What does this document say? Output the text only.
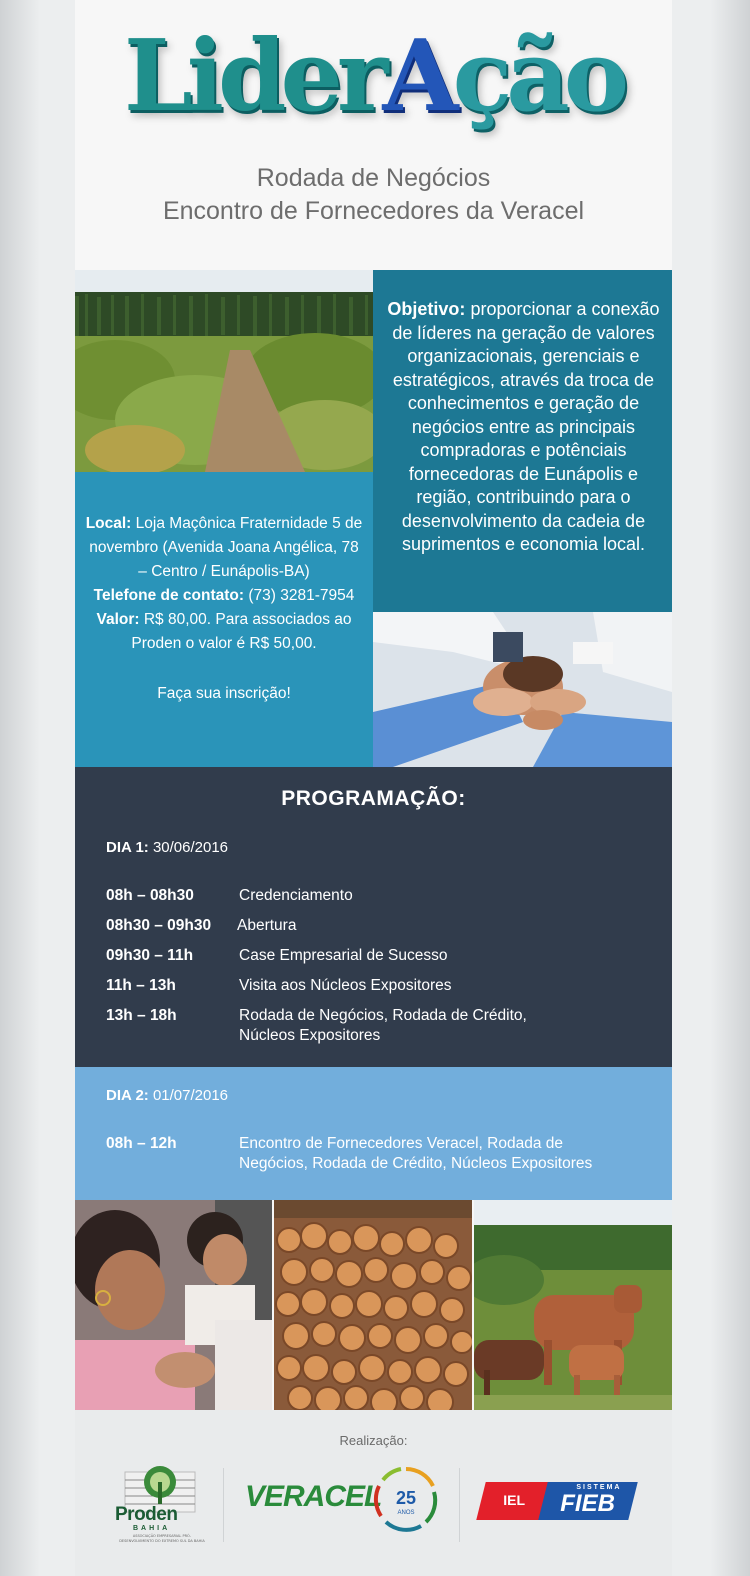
LiderAção
Rodada de Negócios
Encontro de Fornecedores da Veracel
Objetivo: proporcionar a conexão de líderes na geração de valores organizacionais, gerenciais e estratégicos, através da troca de conhecimentos e geração de negócios entre as principais compradoras e potênciais fornecedoras de Eunápolis e região, contribuindo para o desenvolvimento da cadeia de suprimentos e economia local.
Local: Loja Maçônica Fraternidade 5 de novembro (Avenida Joana Angélica, 78 – Centro / Eunápolis-BA)
Telefone de contato: (73) 3281-7954
Valor: R$ 80,00. Para associados ao Proden o valor é R$ 50,00.
Faça sua inscrição!
PROGRAMAÇÃO:
DIA 1: 30/06/2016
08h – 08h30	Credenciamento
08h30 – 09h30 Abertura
09h30 – 11h	Case Empresarial de Sucesso
11h – 13h	Visita aos Núcleos Expositores
13h – 18h	Rodada de Negócios, Rodada de Crédito, Núcleos Expositores
DIA 2: 01/07/2016
08h – 12h	Encontro de Fornecedores Veracel, Rodada de Negócios, Rodada de Crédito, Núcleos Expositores
Realização:
Proden
BAHIA
ASSOCIAÇÃO EMPRESARIAL PRÓ-DESENVOLVIMENTO DO EXTREMO SUL DA BAHIA
VERACEL 25
ANOS
IEL
SISTEMA
FIEB
